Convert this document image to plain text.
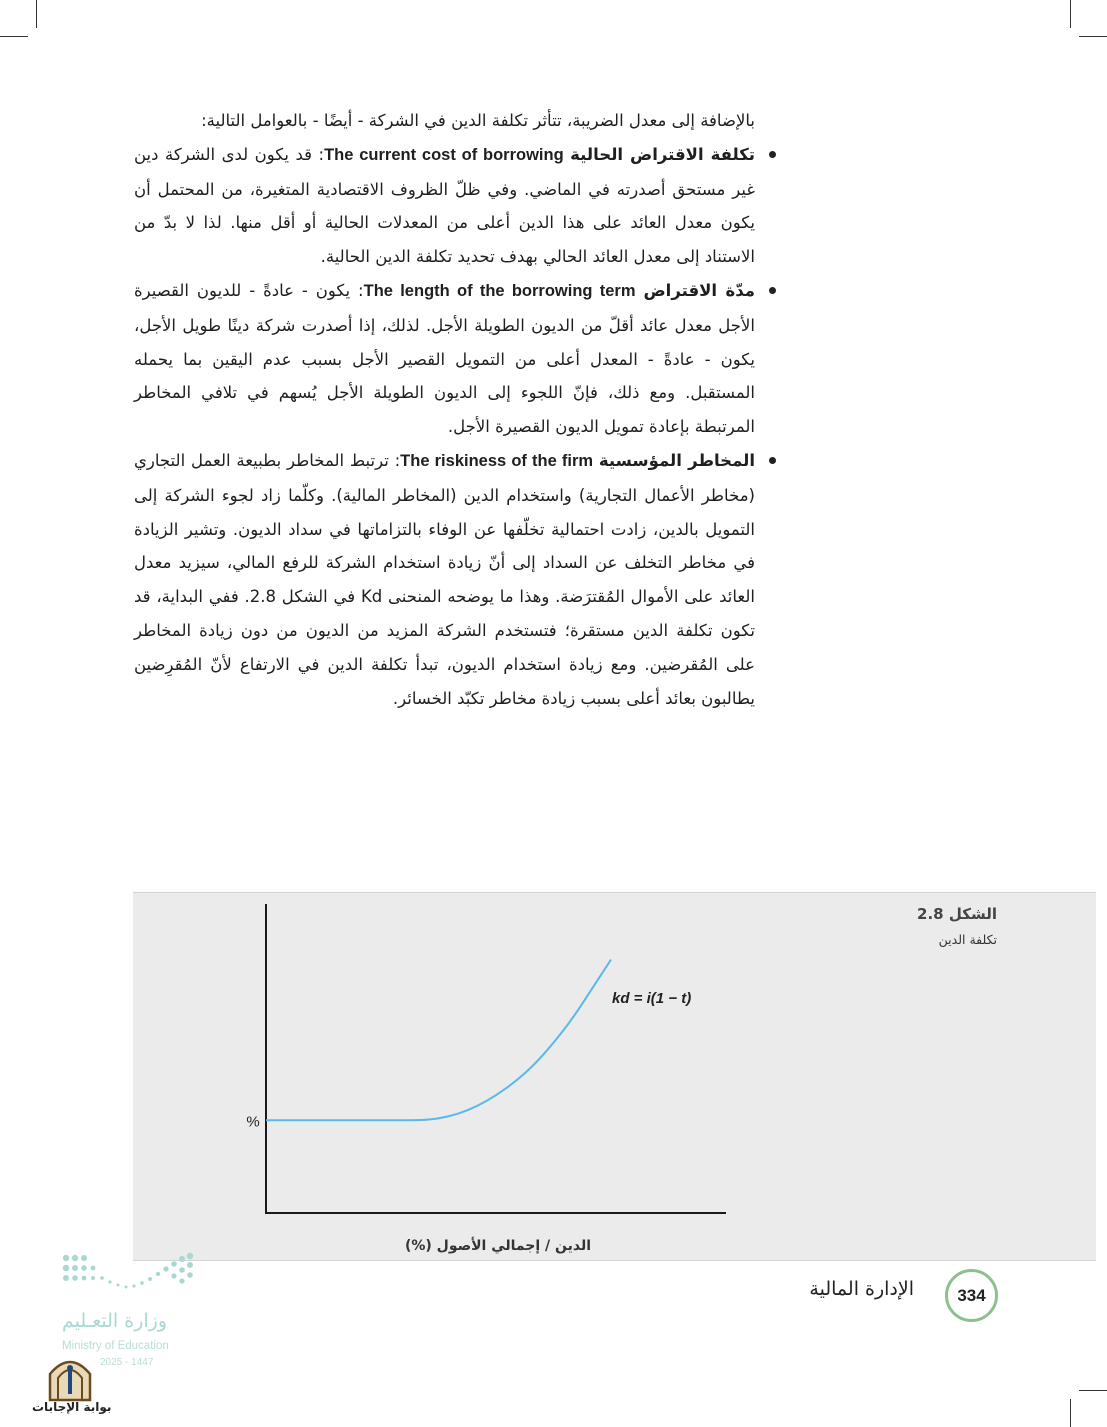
بالإضافة إلى معدل الضريبة، تتأثر تكلفة الدين في الشركة - أيضًا - بالعوامل التالية:

تكلفة الاقتراض الحالية The current cost of borrowing: قد يكون لدى الشركة دين غير مستحق أصدرته في الماضي. وفي ظلّ الظروف الاقتصادية المتغيرة، من المحتمل أن يكون معدل العائد على هذا الدين أعلى من المعدلات الحالية أو أقل منها. لذا لا بدّ من الاستناد إلى معدل العائد الحالي بهدف تحديد تكلفة الدين الحالية.
مدّة الاقتراض The length of the borrowing term: يكون - عادةً - للديون القصيرة الأجل معدل عائد أقلّ من الديون الطويلة الأجل. لذلك، إذا أصدرت شركة دينًا طويل الأجل، يكون - عادةً - المعدل أعلى من التمويل القصير الأجل بسبب عدم اليقين بما يحمله المستقبل. ومع ذلك، فإنّ اللجوء إلى الديون الطويلة الأجل يُسهم في تلافي المخاطر المرتبطة بإعادة تمويل الديون القصيرة الأجل.
المخاطر المؤسسية The riskiness of the firm: ترتبط المخاطر بطبيعة العمل التجاري (مخاطر الأعمال التجارية) واستخدام الدين (المخاطر المالية). وكلّما زاد لجوء الشركة إلى التمويل بالدين، زادت احتمالية تخلّفها عن الوفاء بالتزاماتها في سداد الديون. وتشير الزيادة في مخاطر التخلف عن السداد إلى أنّ زيادة استخدام الشركة للرفع المالي، سيزيد معدل العائد على الأموال المُقترَضة. وهذا ما يوضحه المنحنى Kd في الشكل 2.8. ففي البداية، قد تكون تكلفة الدين مستقرة؛ فتستخدم الشركة المزيد من الديون من دون زيادة المخاطر على المُقرضين. ومع زيادة استخدام الديون، تبدأ تكلفة الدين في الارتفاع لأنّ المُقرِضين يطالبون بعائد أعلى بسبب زيادة مخاطر تكبّد الخسائر.
الشكل 2.8
تكلفة الدين
%
الدين / إجمالي الأصول (%)
kd = i(1 − t)
الإدارة المالية	334
وزارة التعـليم
Ministry of Education
2025 - 1447
بوابة الإجابات
